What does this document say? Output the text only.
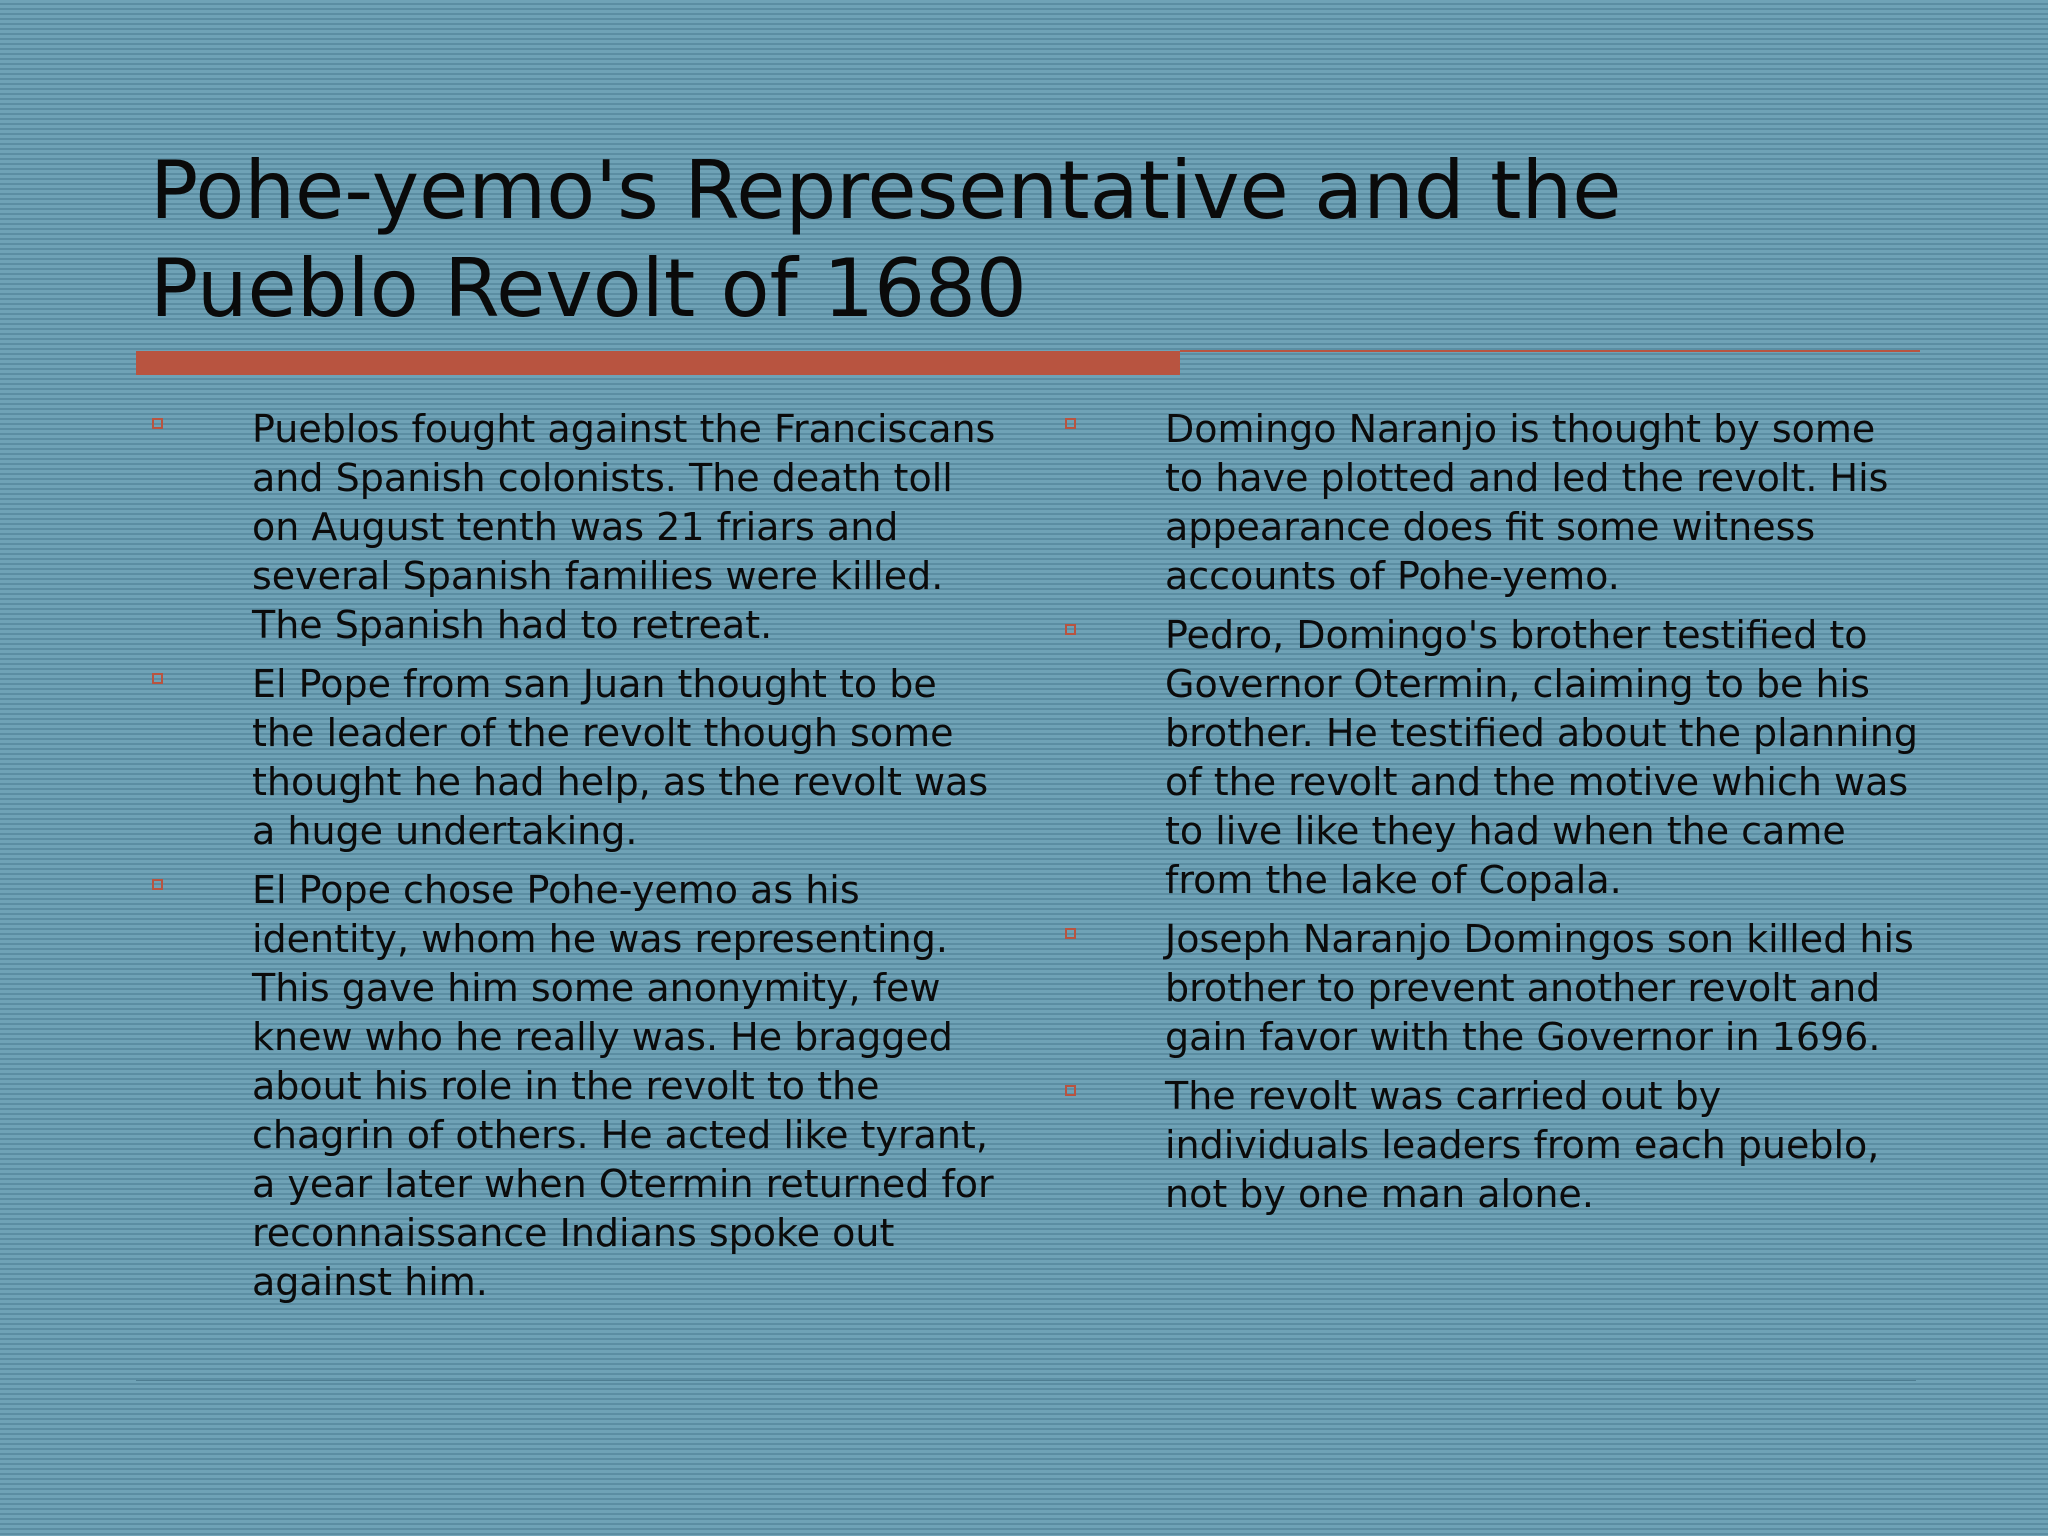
Pohe-yemo's Representative and the
Pueblo Revolt of 1680
Pueblos fought against the Franciscans and Spanish colonists. The death toll on August tenth was 21 friars and several Spanish families were killed. The Spanish had to retreat.
El Pope from san Juan thought to be the leader of the revolt though some thought he had help, as the revolt was a huge undertaking.
El Pope chose Pohe-yemo as his identity, whom he was representing. This gave him some anonymity, few knew who he really was. He bragged about his role in the revolt to the chagrin of others. He acted like tyrant, a year later when Otermin returned for reconnaissance Indians spoke out against him.
Domingo Naranjo is thought by some to have plotted and led the revolt. His appearance does fit some witness accounts of Pohe-yemo.
Pedro, Domingo's brother testified to Governor Otermin, claiming to be his brother. He testified about the planning of the revolt and the motive which was to live like they had when the came from the lake of Copala.
Joseph Naranjo Domingos son killed his brother to prevent another revolt and gain favor with the Governor in 1696.
The revolt was carried out by individuals leaders from each pueblo, not by one man alone.
